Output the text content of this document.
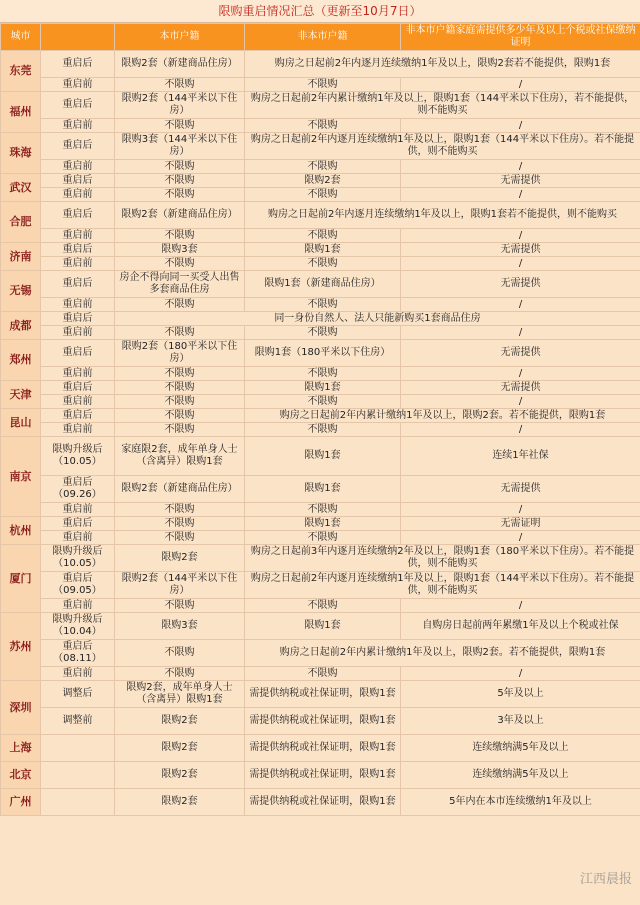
限购重启情况汇总（更新至10月7日）
城市		本市户籍	非本市户籍	非本市户籍家庭需提供多少年及以上个税或社保缴纳证明
东莞	重启后	限购2套（新建商品住房）	购房之日起前2年内逐月连续缴纳1年及以上，限购2套若不能提供，限购1套	
	重启前	不限购	不限购	/
福州	重启后	限购2套（144平米以下住房）	购房之日起前2年内累计缴纳1年及以上，限购1套（144平米以下住房），若不能提供，则不能购买	
	重启前	不限购	不限购	/
珠海	重启后	限购3套（144平米以下住房）	购房之日起前2年内逐月连续缴纳1年及以上，限购1套（144平米以下住房）。若不能提供，则不能购买	
	重启前	不限购	不限购	/
武汉	重启后	不限购	限购2套	无需提供
	重启前	不限购	不限购	/
合肥	重启后	限购2套（新建商品住房）	购房之日起前2年内逐月连续缴纳1年及以上，限购1套若不能提供，则不能购买	
	重启前	不限购	不限购	/
济南	重启后	限购3套	限购1套	无需提供
	重启前	不限购	不限购	/
无锡	重启后	房企不得向同一买受人出售多套商品住房	限购1套（新建商品住房）	无需提供
	重启前	不限购	不限购	/
成都	重启后	同一身份自然人、法人只能新购买1套商品住房		
	重启前	不限购	不限购	/
郑州	重启后	限购2套（180平米以下住房）	限购1套（180平米以下住房）	无需提供
	重启前	不限购	不限购	/
天津	重启后	不限购	限购1套	无需提供
	重启前	不限购	不限购	/
昆山	重启后	不限购	购房之日起前2年内累计缴纳1年及以上，限购2套。若不能提供，限购1套	
	重启前	不限购	不限购	/
南京	限购升级后（10.05）	家庭限2套，成年单身人士（含离异）限购1套	限购1套	连续1年社保
	重启后（09.26）	限购2套（新建商品住房）	限购1套	无需提供
	重启前	不限购	不限购	/
杭州	重启后	不限购	限购1套	无需证明
	重启前	不限购	不限购	/
厦门	限购升级后（10.05）	限购2套	购房之日起前3年内逐月连续缴纳2年及以上，限购1套（180平米以下住房）。若不能提供，则不能购买	
	重启后（09.05）	限购2套（144平米以下住房）	购房之日起前2年内逐月连续缴纳1年及以上，限购1套（144平米以下住房）。若不能提供，则不能购买	
	重启前	不限购	不限购	/
苏州	限购升级后（10.04）	限购3套	限购1套	自购房日起前两年累缴1年及以上个税或社保
	重启后（08.11）	不限购	购房之日起前2年内累计缴纳1年及以上，限购2套。若不能提供，限购1套	
	重启前	不限购	不限购	/
深圳	调整后	限购2套，成年单身人士（含离异）限购1套	需提供纳税或社保证明，限购1套	5年及以上
	调整前	限购2套	需提供纳税或社保证明，限购1套	3年及以上
上海		限购2套	需提供纳税或社保证明，限购1套	连续缴纳满5年及以上
北京		限购2套	需提供纳税或社保证明，限购1套	连续缴纳满5年及以上
广州		限购2套	需提供纳税或社保证明，限购1套	5年内在本市连续缴纳1年及以上
江西晨报
